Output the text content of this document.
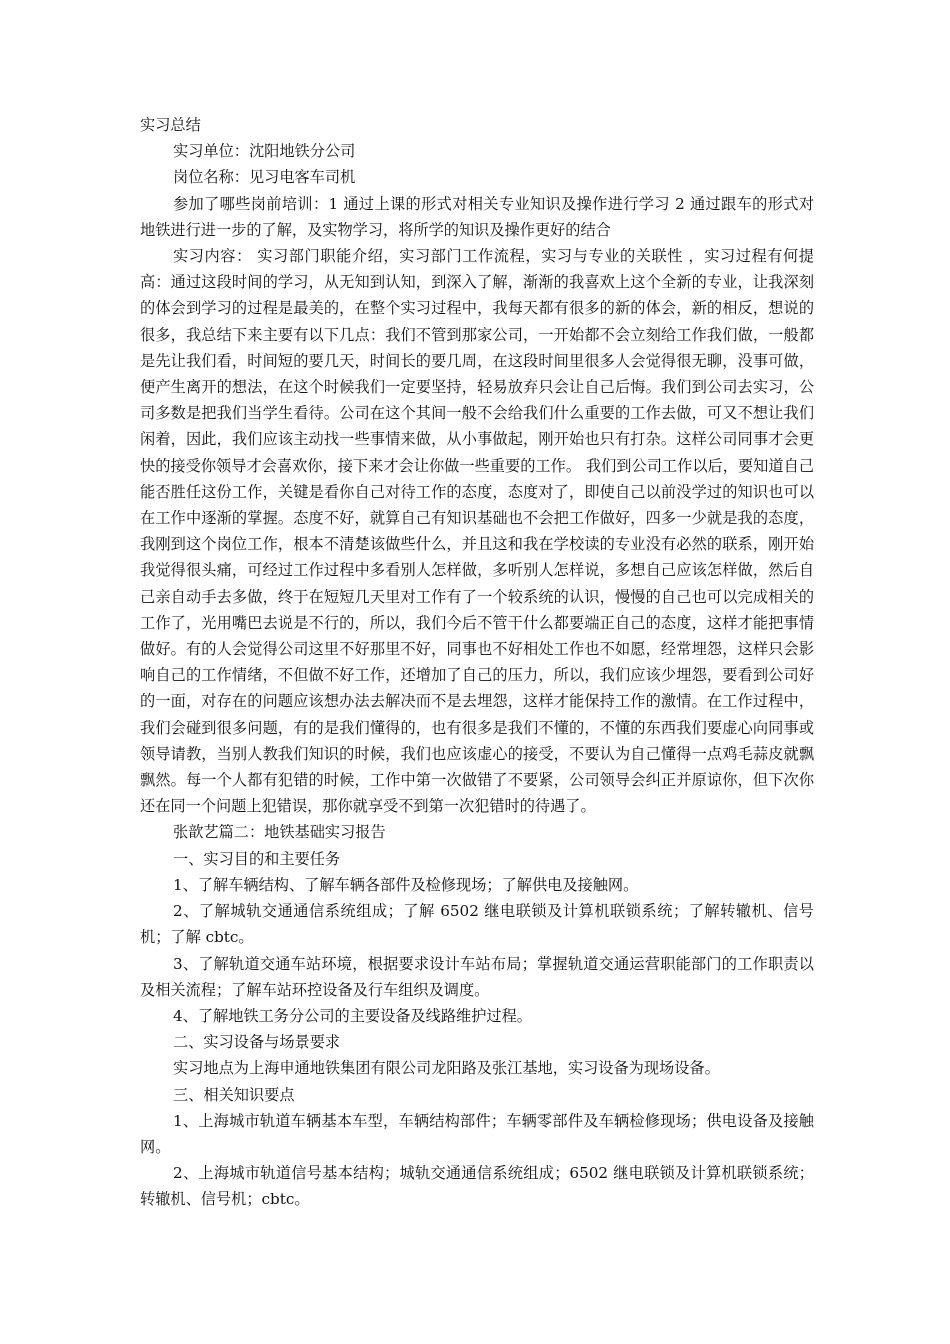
实习总结

实习单位：沈阳地铁分公司

岗位名称：见习电客车司机

参加了哪些岗前培训：1 通过上课的形式对相关专业知识及操作进行学习 2 通过跟车的形式对地铁进行进一步的了解，及实物学习，将所学的知识及操作更好的结合

实习内容： 实习部门职能介绍，实习部门工作流程，实习与专业的关联性 ，实习过程有何提高：通过这段时间的学习，从无知到认知，到深入了解，渐渐的我喜欢上这个全新的专业，让我深刻的体会到学习的过程是最美的，在整个实习过程中，我每天都有很多的新的体会，新的相反，想说的很多，我总结下来主要有以下几点：我们不管到那家公司，一开始都不会立刻给工作我们做，一般都是先让我们看，时间短的要几天，时间长的要几周，在这段时间里很多人会觉得很无聊，没事可做，便产生离开的想法，在这个时候我们一定要坚持，轻易放弃只会让自己后悔。我们到公司去实习，公司多数是把我们当学生看待。公司在这个其间一般不会给我们什么重要的工作去做，可又不想让我们闲着，因此，我们应该主动找一些事情来做，从小事做起，刚开始也只有打杂。这样公司同事才会更快的接受你领导才会喜欢你，接下来才会让你做一些重要的工作。 我们到公司工作以后，要知道自己能否胜任这份工作，关键是看你自己对待工作的态度，态度对了，即使自己以前没学过的知识也可以在工作中逐渐的掌握。态度不好，就算自己有知识基础也不会把工作做好，四多一少就是我的态度，我刚到这个岗位工作，根本不清楚该做些什么，并且这和我在学校读的专业没有必然的联系，刚开始我觉得很头痛，可经过工作过程中多看别人怎样做，多听别人怎样说，多想自己应该怎样做，然后自己亲自动手去多做，终于在短短几天里对工作有了一个较系统的认识，慢慢的自己也可以完成相关的工作了，光用嘴巴去说是不行的，所以，我们今后不管干什么都要端正自己的态度，这样才能把事情做好。有的人会觉得公司这里不好那里不好，同事也不好相处工作也不如愿，经常埋怨，这样只会影响自己的工作情绪，不但做不好工作，还增加了自己的压力，所以，我们应该少埋怨，要看到公司好的一面，对存在的问题应该想办法去解决而不是去埋怨，这样才能保持工作的激情。在工作过程中，我们会碰到很多问题，有的是我们懂得的，也有很多是我们不懂的，不懂的东西我们要虚心向同事或领导请教，当别人教我们知识的时候，我们也应该虚心的接受，不要认为自己懂得一点鸡毛蒜皮就飘飘然。每一个人都有犯错的时候，工作中第一次做错了不要紧，公司领导会纠正并原谅你，但下次你还在同一个问题上犯错误，那你就享受不到第一次犯错时的待遇了。

张歆艺篇二：地铁基础实习报告

一、实习目的和主要任务

1、了解车辆结构、了解车辆各部件及检修现场；了解供电及接触网。

2、了解城轨交通通信系统组成；了解 6502 继电联锁及计算机联锁系统；了解转辙机、信号机；了解 cbtc。

3、了解轨道交通车站环境，根据要求设计车站布局；掌握轨道交通运营职能部门的工作职责以及相关流程；了解车站环控设备及行车组织及调度。

4、了解地铁工务分公司的主要设备及线路维护过程。

二、实习设备与场景要求

实习地点为上海申通地铁集团有限公司龙阳路及张江基地，实习设备为现场设备。

三、相关知识要点

1、上海城市轨道车辆基本车型，车辆结构部件；车辆零部件及车辆检修现场；供电设备及接触网。

2、上海城市轨道信号基本结构；城轨交通通信系统组成；6502 继电联锁及计算机联锁系统；转辙机、信号机；cbtc。
